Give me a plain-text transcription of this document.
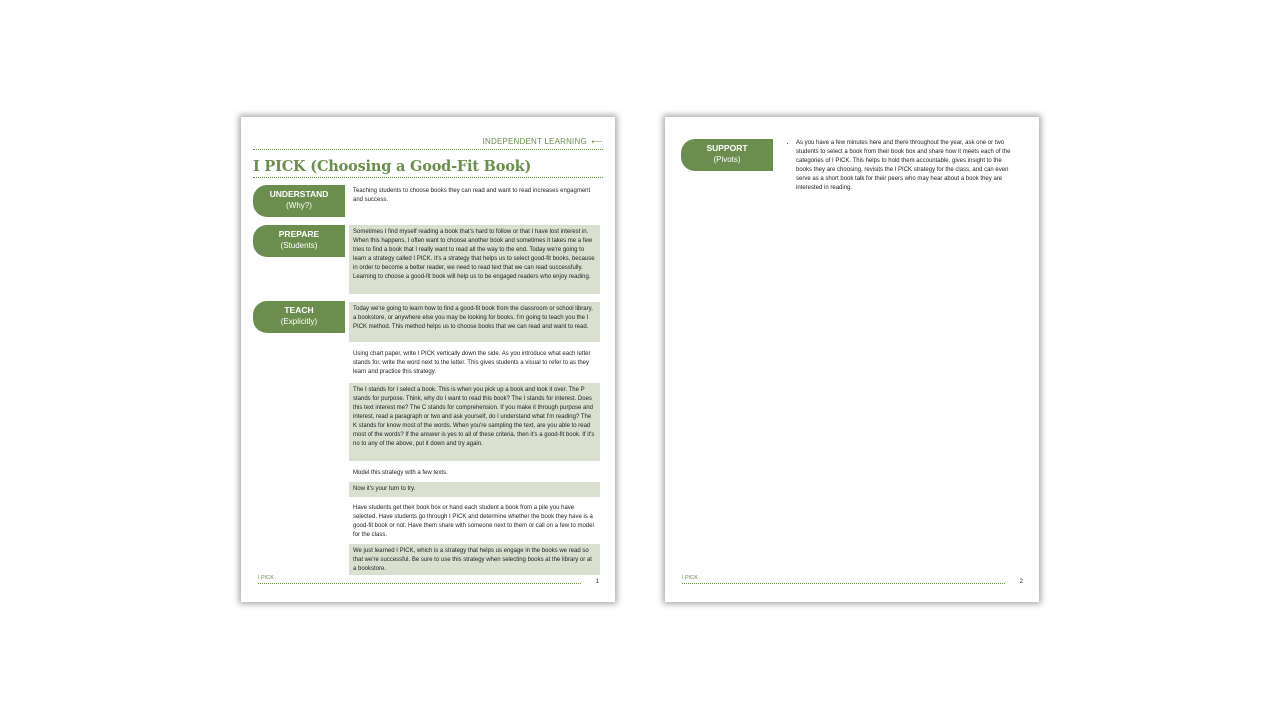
INDEPENDENT LEARNING ⟵
I PICK (Choosing a Good-Fit Book)
UNDERSTAND
(Why?)
PREPARE
(Students)
TEACH
(Explicitly)
Teaching students to choose books they can read and want to read increases engagment and success.
Sometimes I find myself reading a book that's hard to follow or that I have lost interest in. When this happens, I often want to choose another book and sometimes it takes me a few tries to find a book that I really want to read all the way to the end. Today we're going to learn a strategy called I PICK. It's a strategy that helps us to select good-fit books, because in order to become a better reader, we need to read text that we can read successfully. Learning to choose a good-fit book will help us to be engaged readers who enjoy reading.
Today we're going to learn how to find a good-fit book from the classroom or school library, a bookstore, or anywhere else you may be looking for books. I'm going to teach you the I PICK method. This method helps us to choose books that we can read and want to read.
Using chart paper, write I PICK vertically down the side. As you introduce what each letter stands for, write the word next to the letter. This gives students a visual to refer to as they learn and practice this strategy.
The I stands for I select a book. This is when you pick up a book and look it over. The P stands for purpose. Think, why do I want to read this book? The I stands for interest. Does this text interest me? The C stands for comprehension. If you make it through purpose and interest, read a paragraph or two and ask yourself, do I understand what I'm reading? The K stands for know most of the words. When you're sampling the text, are you able to read most of the words? If the answer is yes to all of these criteria, then it's a good-fit book. If it's no to any of the above, put it down and try again.
Model this strategy with a few texts.
Now it's your turn to try.
Have students get their book box or hand each student a book from a pile you have selected. Have students go through I PICK and determine whether the book they have is a good-fit book or not. Have them share with someone next to them or call on a few to model for the class.
We just learned I PICK, which is a strategy that helps us engage in the books we read so that we're successful. Be sure to use this strategy when selecting books at the library or at a bookstore.
I PICK
1
SUPPORT
(Pivots)
• As you have a few minutes here and there throughout the year, ask one or two students to select a book from their book box and share how it meets each of the categories of I PICK. This helps to hold them accountable, gives insight to the books they are choosing, revisits the I PICK strategy for the class, and can even serve as a short book talk for their peers who may hear about a book they are interested in reading.
I PICK
2
